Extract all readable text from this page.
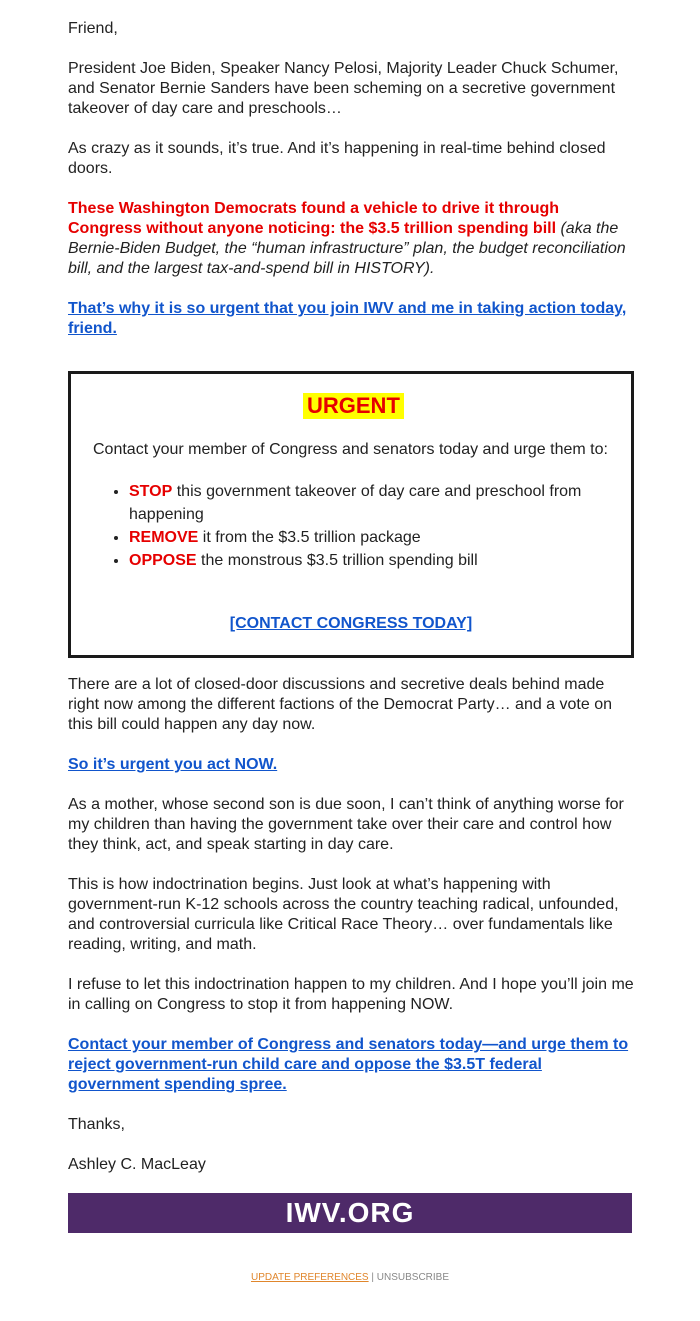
Friend,

President Joe Biden, Speaker Nancy Pelosi, Majority Leader Chuck Schumer, and Senator Bernie Sanders have been scheming on a secretive government takeover of day care and preschools…

As crazy as it sounds, it’s true. And it’s happening in real-time behind closed doors.

These Washington Democrats found a vehicle to drive it through Congress without anyone noticing: the $3.5 trillion spending bill (aka the Bernie-Biden Budget, the “human infrastructure” plan, the budget reconciliation bill, and the largest tax-and-spend bill in HISTORY).

That’s why it is so urgent that you join IWV and me in taking action today, friend.

URGENT
Contact your member of Congress and senators today and urge them to:
• STOP this government takeover of day care and preschool from happening
• REMOVE it from the $3.5 trillion package
• OPPOSE the monstrous $3.5 trillion spending bill
[CONTACT CONGRESS TODAY]

There are a lot of closed-door discussions and secretive deals behind made right now among the different factions of the Democrat Party… and a vote on this bill could happen any day now.

So it’s urgent you act NOW.

As a mother, whose second son is due soon, I can’t think of anything worse for my children than having the government take over their care and control how they think, act, and speak starting in day care.

This is how indoctrination begins. Just look at what’s happening with government-run K-12 schools across the country teaching radical, unfounded, and controversial curricula like Critical Race Theory… over fundamentals like reading, writing, and math.

I refuse to let this indoctrination happen to my children. And I hope you’ll join me in calling on Congress to stop it from happening NOW.

Contact your member of Congress and senators today—and urge them to reject government-run child care and oppose the $3.5T federal government spending spree.

Thanks,

Ashley C. MacLeay

IWV.ORG
UPDATE PREFERENCES | UNSUBSCRIBE
